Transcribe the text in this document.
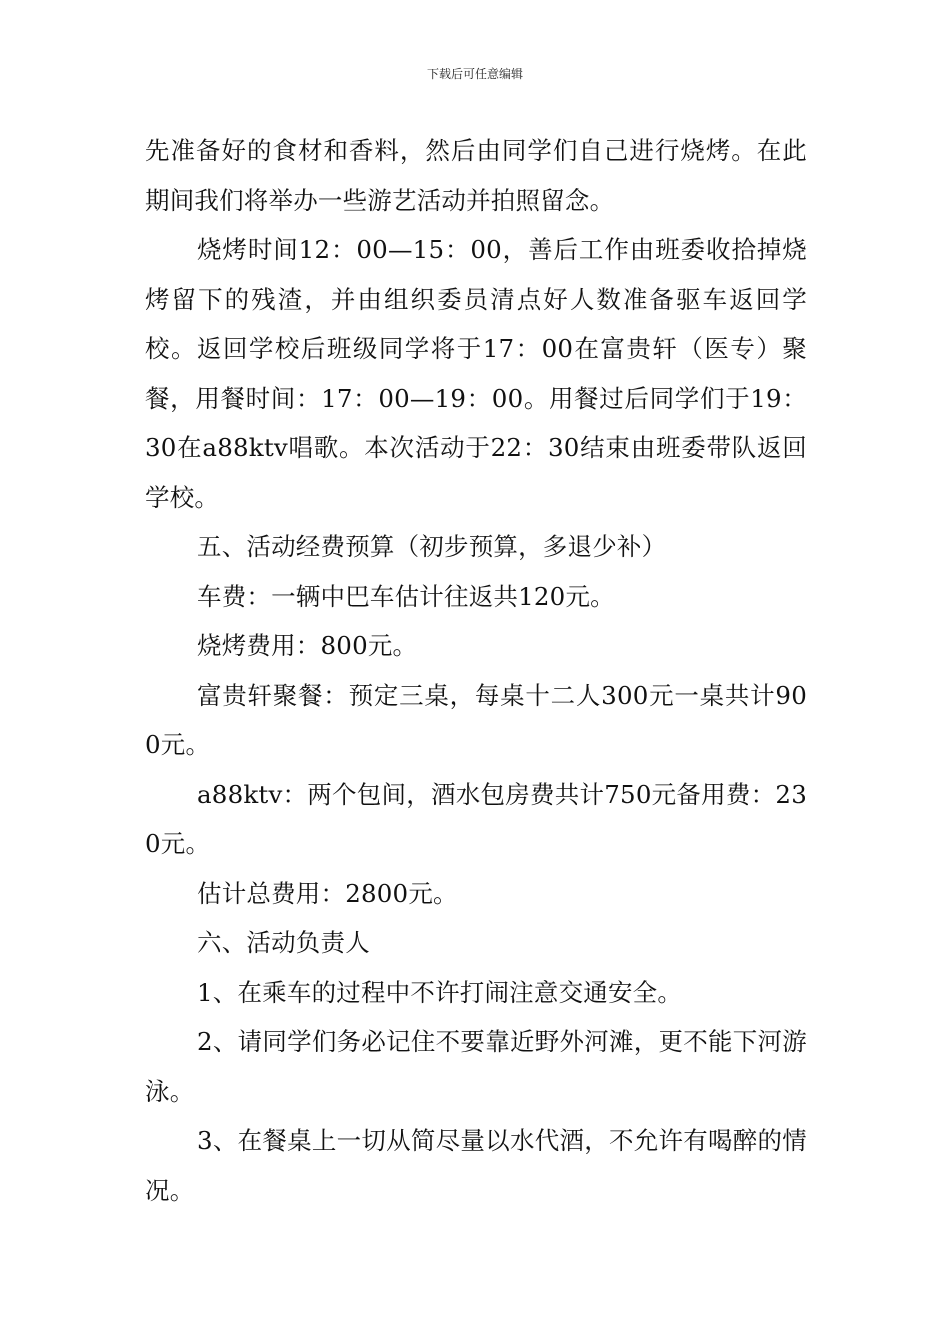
下载后可任意编辑

先准备好的食材和香料，然后由同学们自己进行烧烤。在此期间我们将举办一些游艺活动并拍照留念。

烧烤时间12：00—15：00，善后工作由班委收拾掉烧烤留下的残渣，并由组织委员清点好人数准备驱车返回学校。返回学校后班级同学将于17：00在富贵轩（医专）聚餐，用餐时间：17：00—19：00。用餐过后同学们于19：30在a88ktv唱歌。本次活动于22：30结束由班委带队返回学校。

五、活动经费预算（初步预算，多退少补）

车费：一辆中巴车估计往返共120元。

烧烤费用：800元。

富贵轩聚餐：预定三桌，每桌十二人300元一桌共计900元。

a88ktv：两个包间，酒水包房费共计750元备用费：230元。

估计总费用：2800元。

六、活动负责人

1、在乘车的过程中不许打闹注意交通安全。

2、请同学们务必记住不要靠近野外河滩，更不能下河游泳。

3、在餐桌上一切从简尽量以水代酒，不允许有喝醉的情况。
